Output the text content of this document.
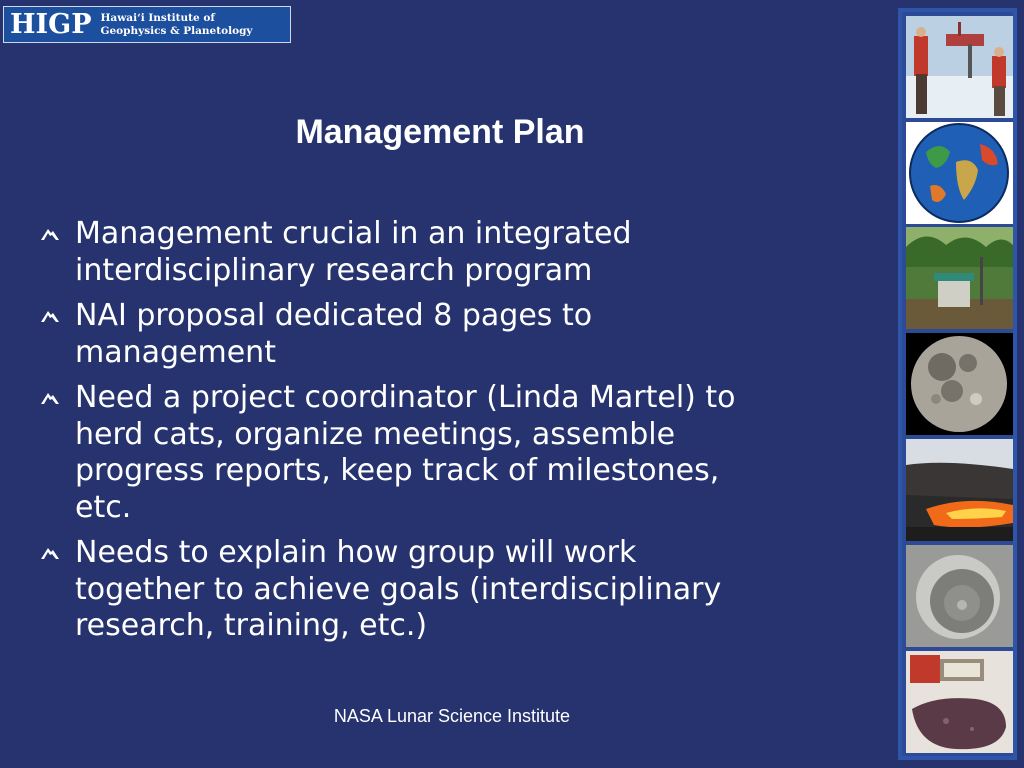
HIGP Hawaiʻi Institute of
Geophysics & Planetology
Management Plan
Management crucial in an integrated
interdisciplinary research program
NAI proposal dedicated 8 pages to
management
Need a project coordinator (Linda Martel) to
herd cats, organize meetings, assemble
progress reports, keep track of milestones,
etc.
Needs to explain how group will work
together to achieve goals (interdisciplinary
research, training, etc.)
NASA Lunar Science Institute
